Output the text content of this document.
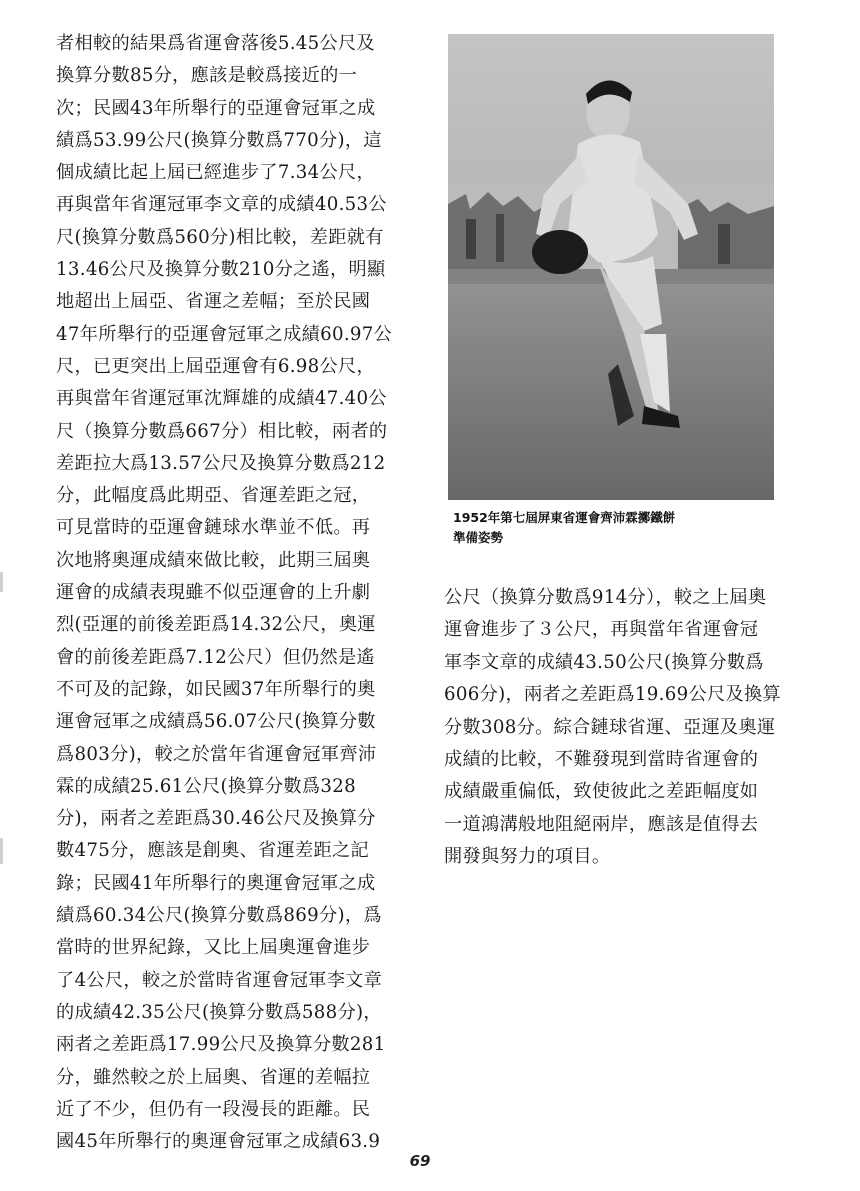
者相較的結果爲省運會落後5.45公尺及
換算分數85分，應該是較爲接近的一
次；民國43年所舉行的亞運會冠軍之成
績爲53.99公尺(換算分數爲770分)，這
個成績比起上屆已經進步了7.34公尺，
再與當年省運冠軍李文章的成績40.53公
尺(換算分數爲560分)相比較，差距就有
13.46公尺及換算分數210分之遙，明顯
地超出上屆亞、省運之差幅；至於民國
47年所舉行的亞運會冠軍之成績60.97公
尺，已更突出上屆亞運會有6.98公尺，
再與當年省運冠軍沈輝雄的成績47.40公
尺（換算分數爲667分）相比較，兩者的
差距拉大爲13.57公尺及換算分數爲212
分，此幅度爲此期亞、省運差距之冠，
可見當時的亞運會鏈球水準並不低。再
次地將奧運成績來做比較，此期三屆奧
運會的成績表現雖不似亞運會的上升劇
烈(亞運的前後差距爲14.32公尺，奧運
會的前後差距爲7.12公尺）但仍然是遙
不可及的記錄，如民國37年所舉行的奧
運會冠軍之成績爲56.07公尺(換算分數
爲803分)，較之於當年省運會冠軍齊沛
霖的成績25.61公尺(換算分數爲328
分)，兩者之差距爲30.46公尺及換算分
數475分，應該是創奧、省運差距之記
錄；民國41年所舉行的奧運會冠軍之成
績爲60.34公尺(換算分數爲869分)，爲
當時的世界紀錄，又比上屆奧運會進步
了4公尺，較之於當時省運會冠軍李文章
的成績42.35公尺(換算分數爲588分)，
兩者之差距爲17.99公尺及換算分數281
分，雖然較之於上屆奧、省運的差幅拉
近了不少，但仍有一段漫長的距離。民
國45年所舉行的奧運會冠軍之成績63.9
1952年第七屆屏東省運會齊沛霖擲鐵餅
準備姿勢
公尺（換算分數爲914分），較之上屆奧
運會進步了３公尺，再與當年省運會冠
軍李文章的成績43.50公尺(換算分數爲
606分)，兩者之差距爲19.69公尺及換算
分數308分。綜合鏈球省運、亞運及奧運
成績的比較，不難發現到當時省運會的
成績嚴重偏低，致使彼此之差距幅度如
一道鴻溝般地阻絕兩岸，應該是值得去
開發與努力的項目。
69
